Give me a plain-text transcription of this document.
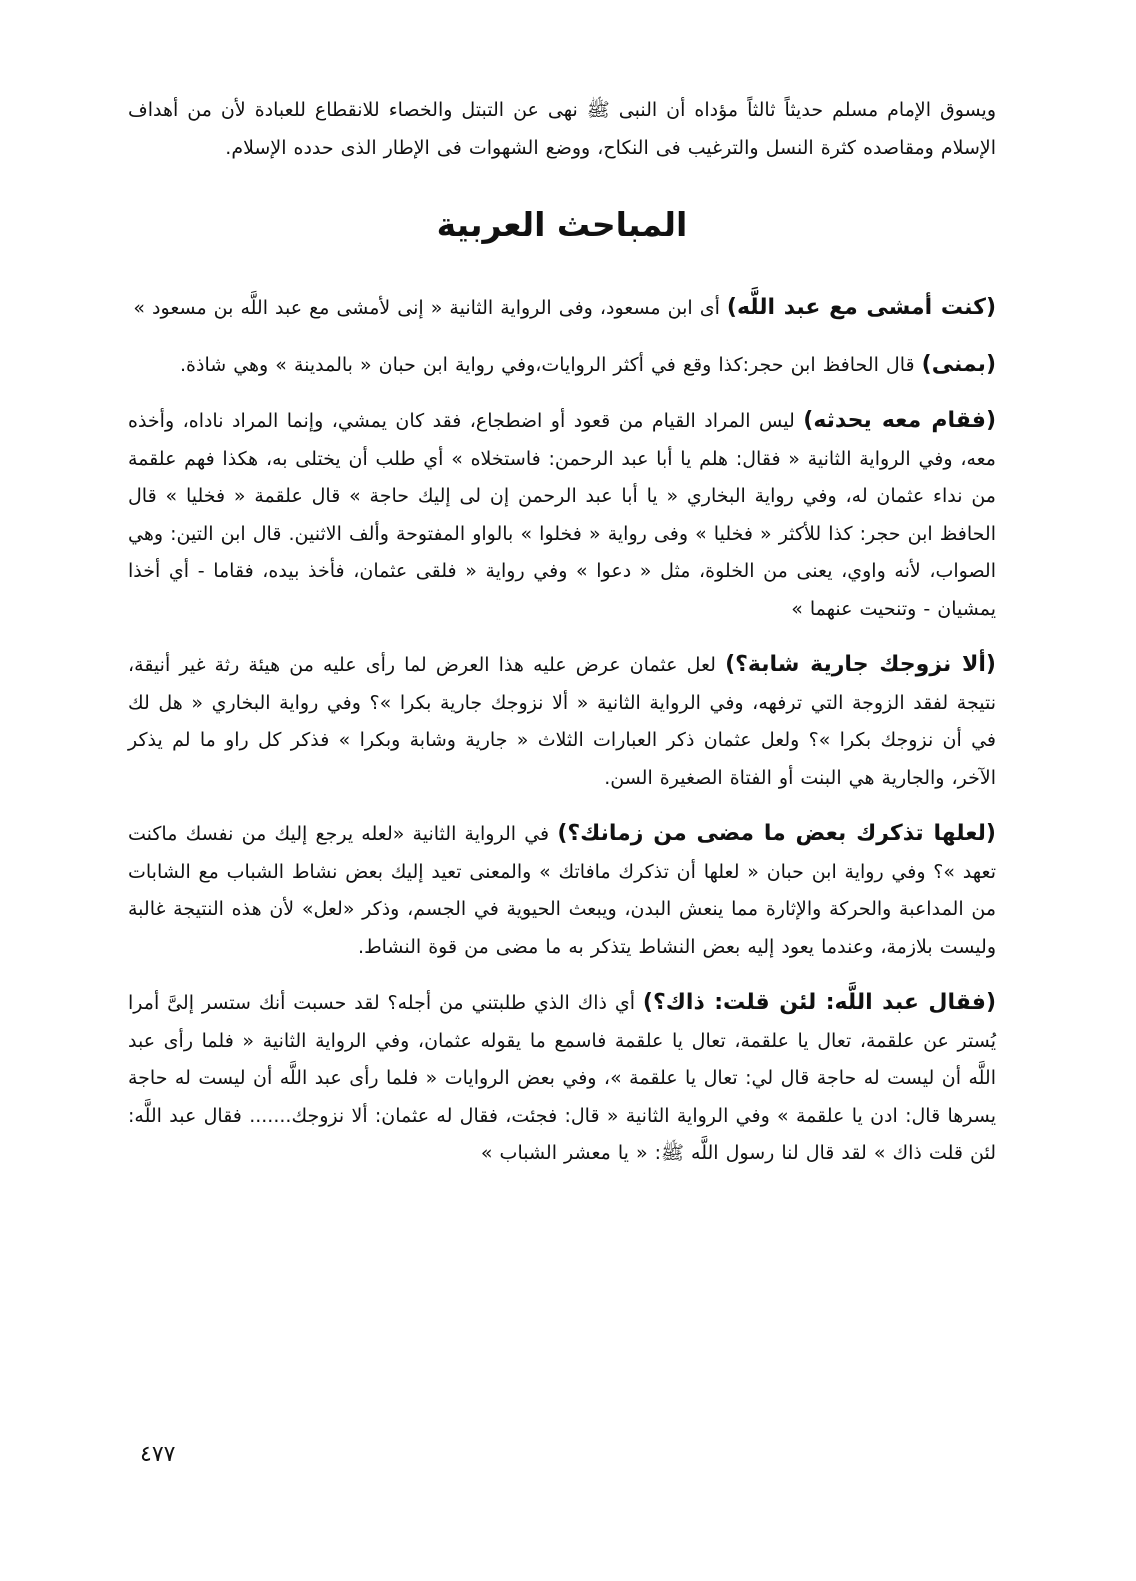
ويسوق الإمام مسلم حديثاً ثالثاً مؤداه أن النبى ﷺ نهى عن التبتل والخصاء للانقطاع للعبادة لأن من أهداف الإسلام ومقاصده كثرة النسل والترغيب فى النكاح، ووضع الشهوات فى الإطار الذى حدده الإسلام.

المباحث العربية

(كنت أمشى مع عبد اللَّه) أى ابن مسعود، وفى الرواية الثانية « إنى لأمشى مع عبد اللَّه بن مسعود »

(بمنى) قال الحافظ ابن حجر:كذا وقع في أكثر الروايات،وفي رواية ابن حبان « بالمدينة » وهي شاذة.

(فقام معه يحدثه) ليس المراد القيام من قعود أو اضطجاع، فقد كان يمشي، وإنما المراد ناداه، وأخذه معه، وفي الرواية الثانية « فقال: هلم يا أبا عبد الرحمن: فاستخلاه » أي طلب أن يختلى به، هكذا فهم علقمة من نداء عثمان له، وفي رواية البخاري « يا أبا عبد الرحمن إن لى إليك حاجة » قال علقمة « فخليا » قال الحافظ ابن حجر: كذا للأكثر « فخليا » وفى رواية « فخلوا » بالواو المفتوحة وألف الاثنين. قال ابن التين: وهي الصواب، لأنه واوي، يعنى من الخلوة، مثل « دعوا » وفي رواية « فلقى عثمان، فأخذ بيده، فقاما - أي أخذا يمشيان - وتنحيت عنهما »

(ألا نزوجك جارية شابة؟) لعل عثمان عرض عليه هذا العرض لما رأى عليه من هيئة رثة غير أنيقة، نتيجة لفقد الزوجة التي ترفهه، وفي الرواية الثانية « ألا نزوجك جارية بكرا »؟ وفي رواية البخاري « هل لك في أن نزوجك بكرا »؟ ولعل عثمان ذكر العبارات الثلاث « جارية وشابة وبكرا » فذكر كل راو ما لم يذكر الآخر، والجارية هي البنت أو الفتاة الصغيرة السن.

(لعلها تذكرك بعض ما مضى من زمانك؟) في الرواية الثانية «لعله يرجع إليك من نفسك ماكنت تعهد »؟ وفي رواية ابن حبان « لعلها أن تذكرك مافاتك » والمعنى تعيد إليك بعض نشاط الشباب مع الشابات من المداعبة والحركة والإثارة مما ينعش البدن، ويبعث الحيوية في الجسم، وذكر «لعل» لأن هذه النتيجة غالبة وليست بلازمة، وعندما يعود إليه بعض النشاط يتذكر به ما مضى من قوة النشاط.

(فقال عبد اللَّه: لئن قلت: ذاك؟) أي ذاك الذي طلبتني من أجله؟ لقد حسبت أنك ستسر إلىَّ أمرا يُستر عن علقمة، تعال يا علقمة، تعال يا علقمة فاسمع ما يقوله عثمان، وفي الرواية الثانية « فلما رأى عبد اللَّه أن ليست له حاجة قال لي: تعال يا علقمة »، وفي بعض الروايات « فلما رأى عبد اللَّه أن ليست له حاجة يسرها قال: ادن يا علقمة » وفي الرواية الثانية « قال: فجئت، فقال له عثمان: ألا نزوجك....... فقال عبد اللَّه: لئن قلت ذاك » لقد قال لنا رسول اللَّه ﷺ: « يا معشر الشباب »

٤٧٧
